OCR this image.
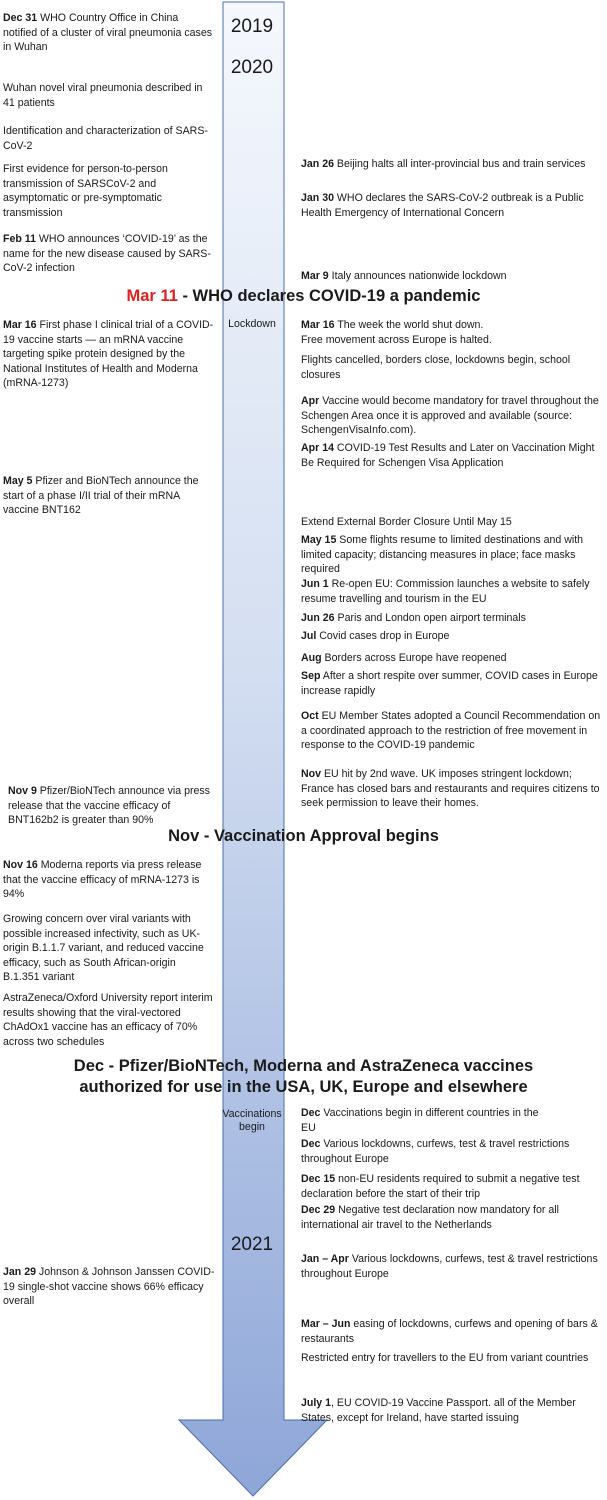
2019
2020
2021
Lockdown
Vaccinations begin
Mar 11 - WHO declares COVID-19 a pandemic
Nov - Vaccination Approval begins
Dec - Pfizer/BioNTech, Moderna and AstraZeneca vaccines authorized for use in the USA, UK, Europe and elsewhere
Dec 31 WHO Country Office in China notified of a cluster of viral pneumonia cases in Wuhan
Wuhan novel viral pneumonia described in 41 patients
Identification and characterization of SARS-CoV-2
First evidence for person-to-person transmission of SARSCoV-2 and asymptomatic or pre-symptomatic transmission
Feb 11 WHO announces ‘COVID-19’ as the name for the new disease caused by SARS-CoV-2 infection
Mar 16 First phase I clinical trial of a COVID-19 vaccine starts — an mRNA vaccine targeting spike protein designed by the National Institutes of Health and Moderna (mRNA-1273)
May 5 Pfizer and BioNTech announce the start of a phase I/II trial of their mRNA vaccine BNT162
Nov 9 Pfizer/BioNTech announce via press release that the vaccine efficacy of BNT162b2 is greater than 90%
Nov 16 Moderna reports via press release that the vaccine efficacy of mRNA-1273 is 94%
Growing concern over viral variants with possible increased infectivity, such as UK-origin B.1.1.7 variant, and reduced vaccine efficacy, such as South African-origin B.1.351 variant
AstraZeneca/Oxford University report interim results showing that the viral-vectored ChAdOx1 vaccine has an efficacy of 70% across two schedules
Jan 29 Johnson & Johnson Janssen COVID-19 single-shot vaccine shows 66% efficacy overall
Jan 26 Beijing halts all inter-provincial bus and train services
Jan 30 WHO declares the SARS-CoV-2 outbreak is a Public Health Emergency of International Concern
Mar 9 Italy announces nationwide lockdown
Mar 16 The week the world shut down. Free movement across Europe is halted.
Flights cancelled, borders close, lockdowns begin, school closures
Apr Vaccine would become mandatory for travel throughout the Schengen Area once it is approved and available (source: SchengenVisaInfo.com).
Apr 14 COVID-19 Test Results and Later on Vaccination Might Be Required for Schengen Visa Application
Extend External Border Closure Until May 15
May 15 Some flights resume to limited destinations and with limited capacity; distancing measures in place; face masks required
Jun 1 Re-open EU: Commission launches a website to safely resume travelling and tourism in the EU
Jun 26 Paris and London open airport terminals
Jul Covid cases drop in Europe
Aug Borders across Europe have reopened
Sep After a short respite over summer, COVID cases in Europe increase rapidly
Oct EU Member States adopted a Council Recommendation on a coordinated approach to the restriction of free movement in response to the COVID-19 pandemic
Nov EU hit by 2nd wave. UK imposes stringent lockdown; France has closed bars and restaurants and requires citizens to seek permission to leave their homes.
Dec Vaccinations begin in different countries in the EU
Dec Various lockdowns, curfews, test & travel restrictions throughout Europe
Dec 15 non-EU residents required to submit a negative test declaration before the start of their trip
Dec 29 Negative test declaration now mandatory for all international air travel to the Netherlands
Jan – Apr Various lockdowns, curfews, test & travel restrictions throughout Europe
Mar – Jun easing of lockdowns, curfews and opening of bars & restaurants
Restricted entry for travellers to the EU from variant countries
July 1, EU COVID-19 Vaccine Passport. all of the Member States, except for Ireland, have started issuing
